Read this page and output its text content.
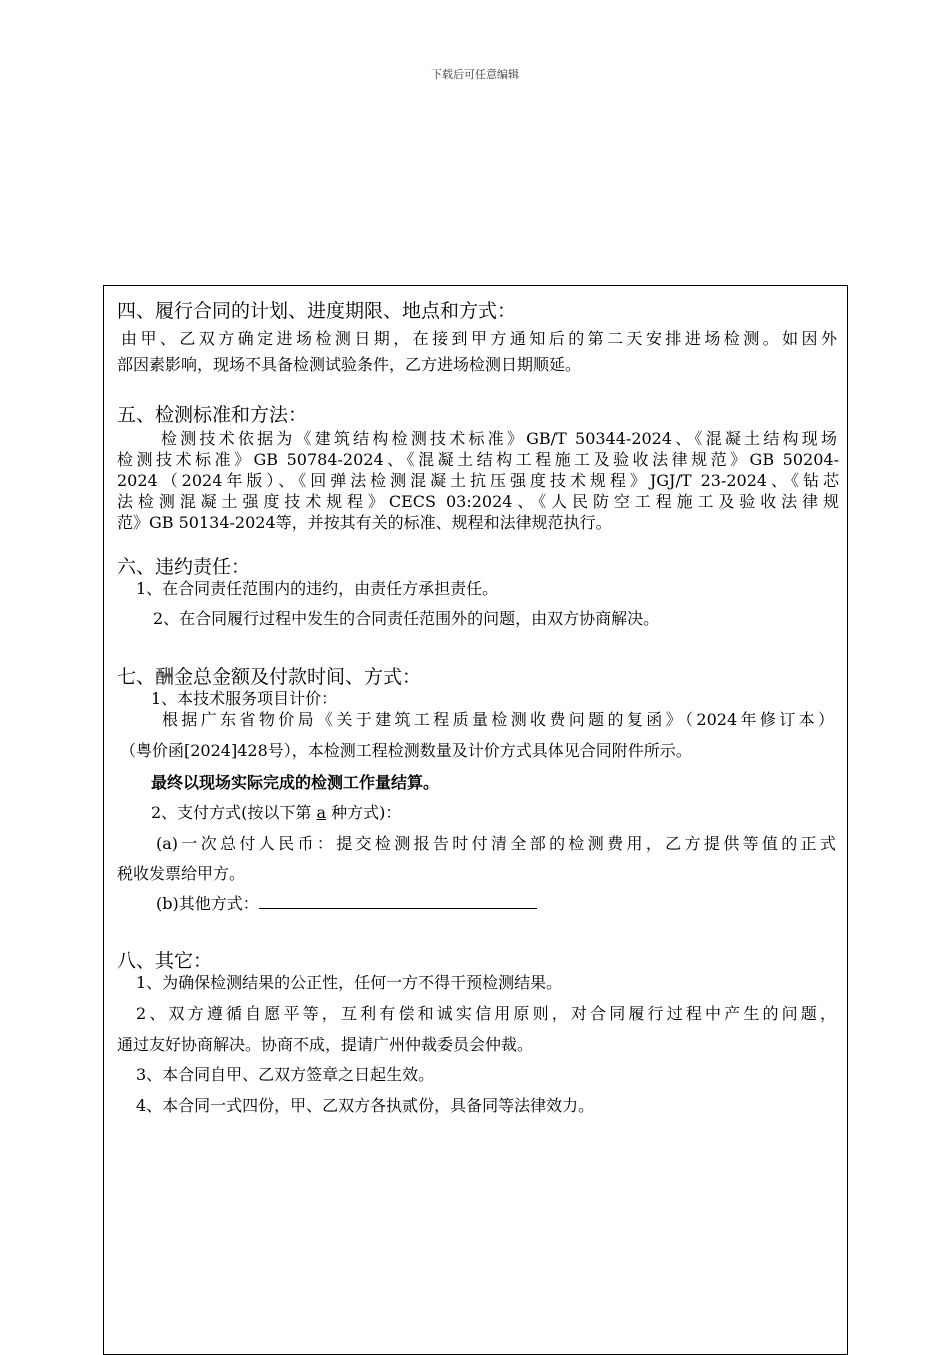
下载后可任意编辑
四、履行合同的计划、进度期限、地点和方式：
由甲、乙双方确定进场检测日期，在接到甲方通知后的第二天安排进场检测。如因外
部因素影响，现场不具备检测试验条件，乙方进场检测日期顺延。
五、检测标准和方法：
检测技术依据为《建筑结构检测技术标准》GB/T 50344-2024、《混凝土结构现场
检测技术标准》GB 50784-2024、《混凝土结构工程施工及验收法律规范》GB 50204-
2024（2024年版）、《回弹法检测混凝土抗压强度技术规程》JGJ/T 23-2024、《钻芯
法检测混凝土强度技术规程》CECS 03:2024、《人民防空工程施工及验收法律规
范》GB 50134-2024等，并按其有关的标准、规程和法律规范执行。
六、违约责任：
1、在合同责任范围内的违约，由责任方承担责任。
2、在合同履行过程中发生的合同责任范围外的问题，由双方协商解决。
七、酬金总金额及付款时间、方式：
1、本技术服务项目计价：
根据广东省物价局《关于建筑工程质量检测收费问题的复函》（2024年修订本）
（粤价函[2024]428号），本检测工程检测数量及计价方式具体见合同附件所示。
最终以现场实际完成的检测工作量结算。
2、支付方式(按以下第 a 种方式)：
(a)一次总付人民币：提交检测报告时付清全部的检测费用，乙方提供等值的正式
税收发票给甲方。
(b)其他方式：
八、其它：
1、为确保检测结果的公正性，任何一方不得干预检测结果。
2、双方遵循自愿平等，互利有偿和诚实信用原则，对合同履行过程中产生的问题，
通过友好协商解决。协商不成，提请广州仲裁委员会仲裁。
3、本合同自甲、乙双方签章之日起生效。
4、本合同一式四份，甲、乙双方各执贰份，具备同等法律效力。
